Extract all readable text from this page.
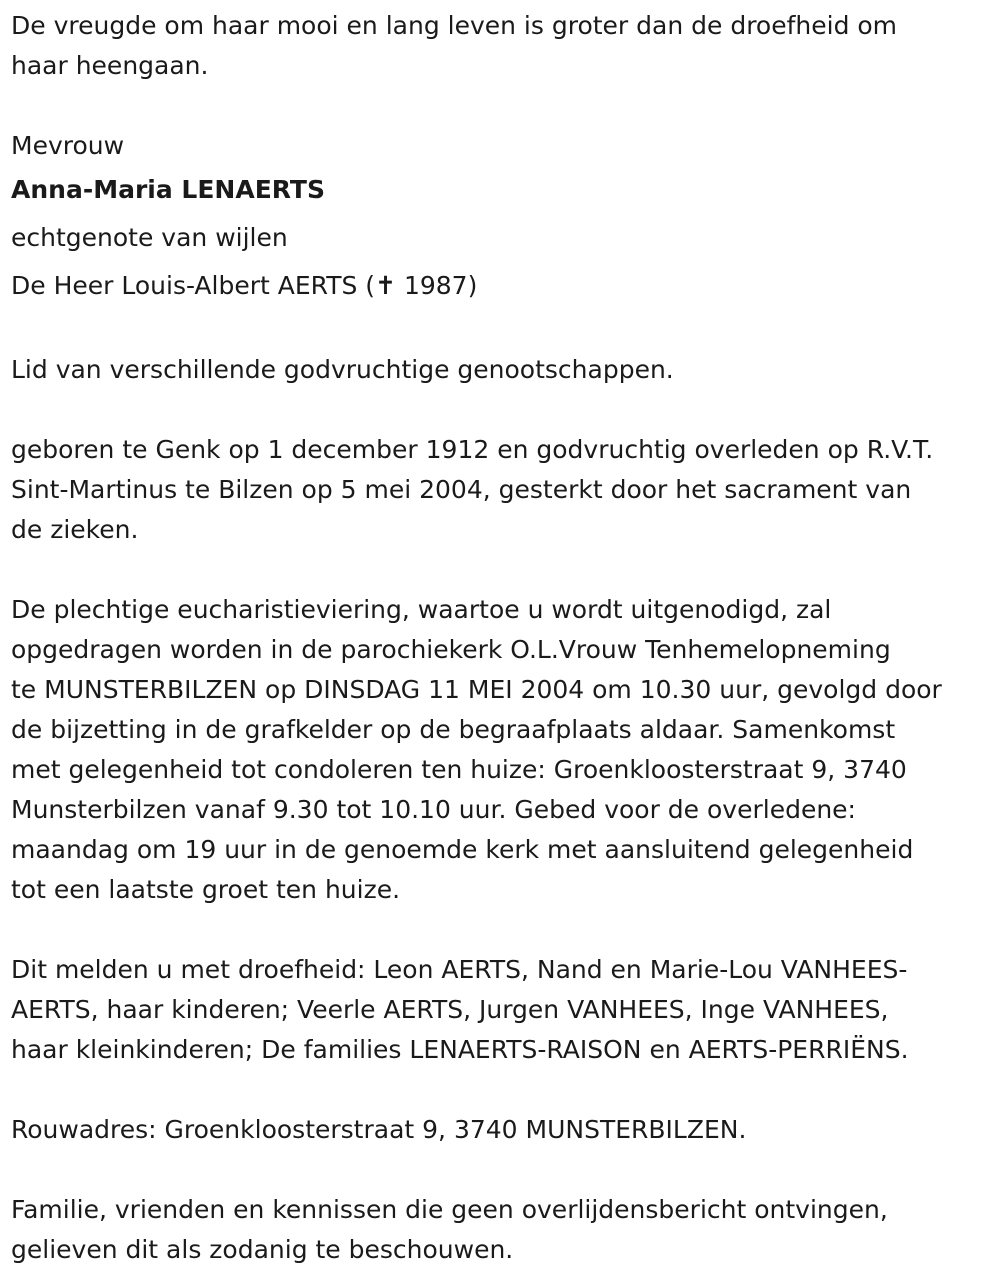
De vreugde om haar mooi en lang leven is groter dan de droefheid om
haar heengaan.

Mevrouw
Anna-Maria LENAERTS
echtgenote van wijlen
De Heer Louis-Albert AERTS (✝ 1987)

Lid van verschillende godvruchtige genootschappen.

geboren te Genk op 1 december 1912 en godvruchtig overleden op R.V.T.
Sint-Martinus te Bilzen op 5 mei 2004, gesterkt door het sacrament van
de zieken.

De plechtige eucharistieviering, waartoe u wordt uitgenodigd, zal
opgedragen worden in de parochiekerk O.L.Vrouw Tenhemelopneming
te MUNSTERBILZEN op DINSDAG 11 MEI 2004 om 10.30 uur, gevolgd door
de bijzetting in de grafkelder op de begraafplaats aldaar. Samenkomst
met gelegenheid tot condoleren ten huize: Groenkloosterstraat 9, 3740
Munsterbilzen vanaf 9.30 tot 10.10 uur. Gebed voor de overledene:
maandag om 19 uur in de genoemde kerk met aansluitend gelegenheid
tot een laatste groet ten huize.

Dit melden u met droefheid: Leon AERTS, Nand en Marie-Lou VANHEES-
AERTS, haar kinderen; Veerle AERTS, Jurgen VANHEES, Inge VANHEES,
haar kleinkinderen; De families LENAERTS-RAISON en AERTS-PERRIËNS.

Rouwadres: Groenkloosterstraat 9, 3740 MUNSTERBILZEN.

Familie, vrienden en kennissen die geen overlijdensbericht ontvingen,
gelieven dit als zodanig te beschouwen.
